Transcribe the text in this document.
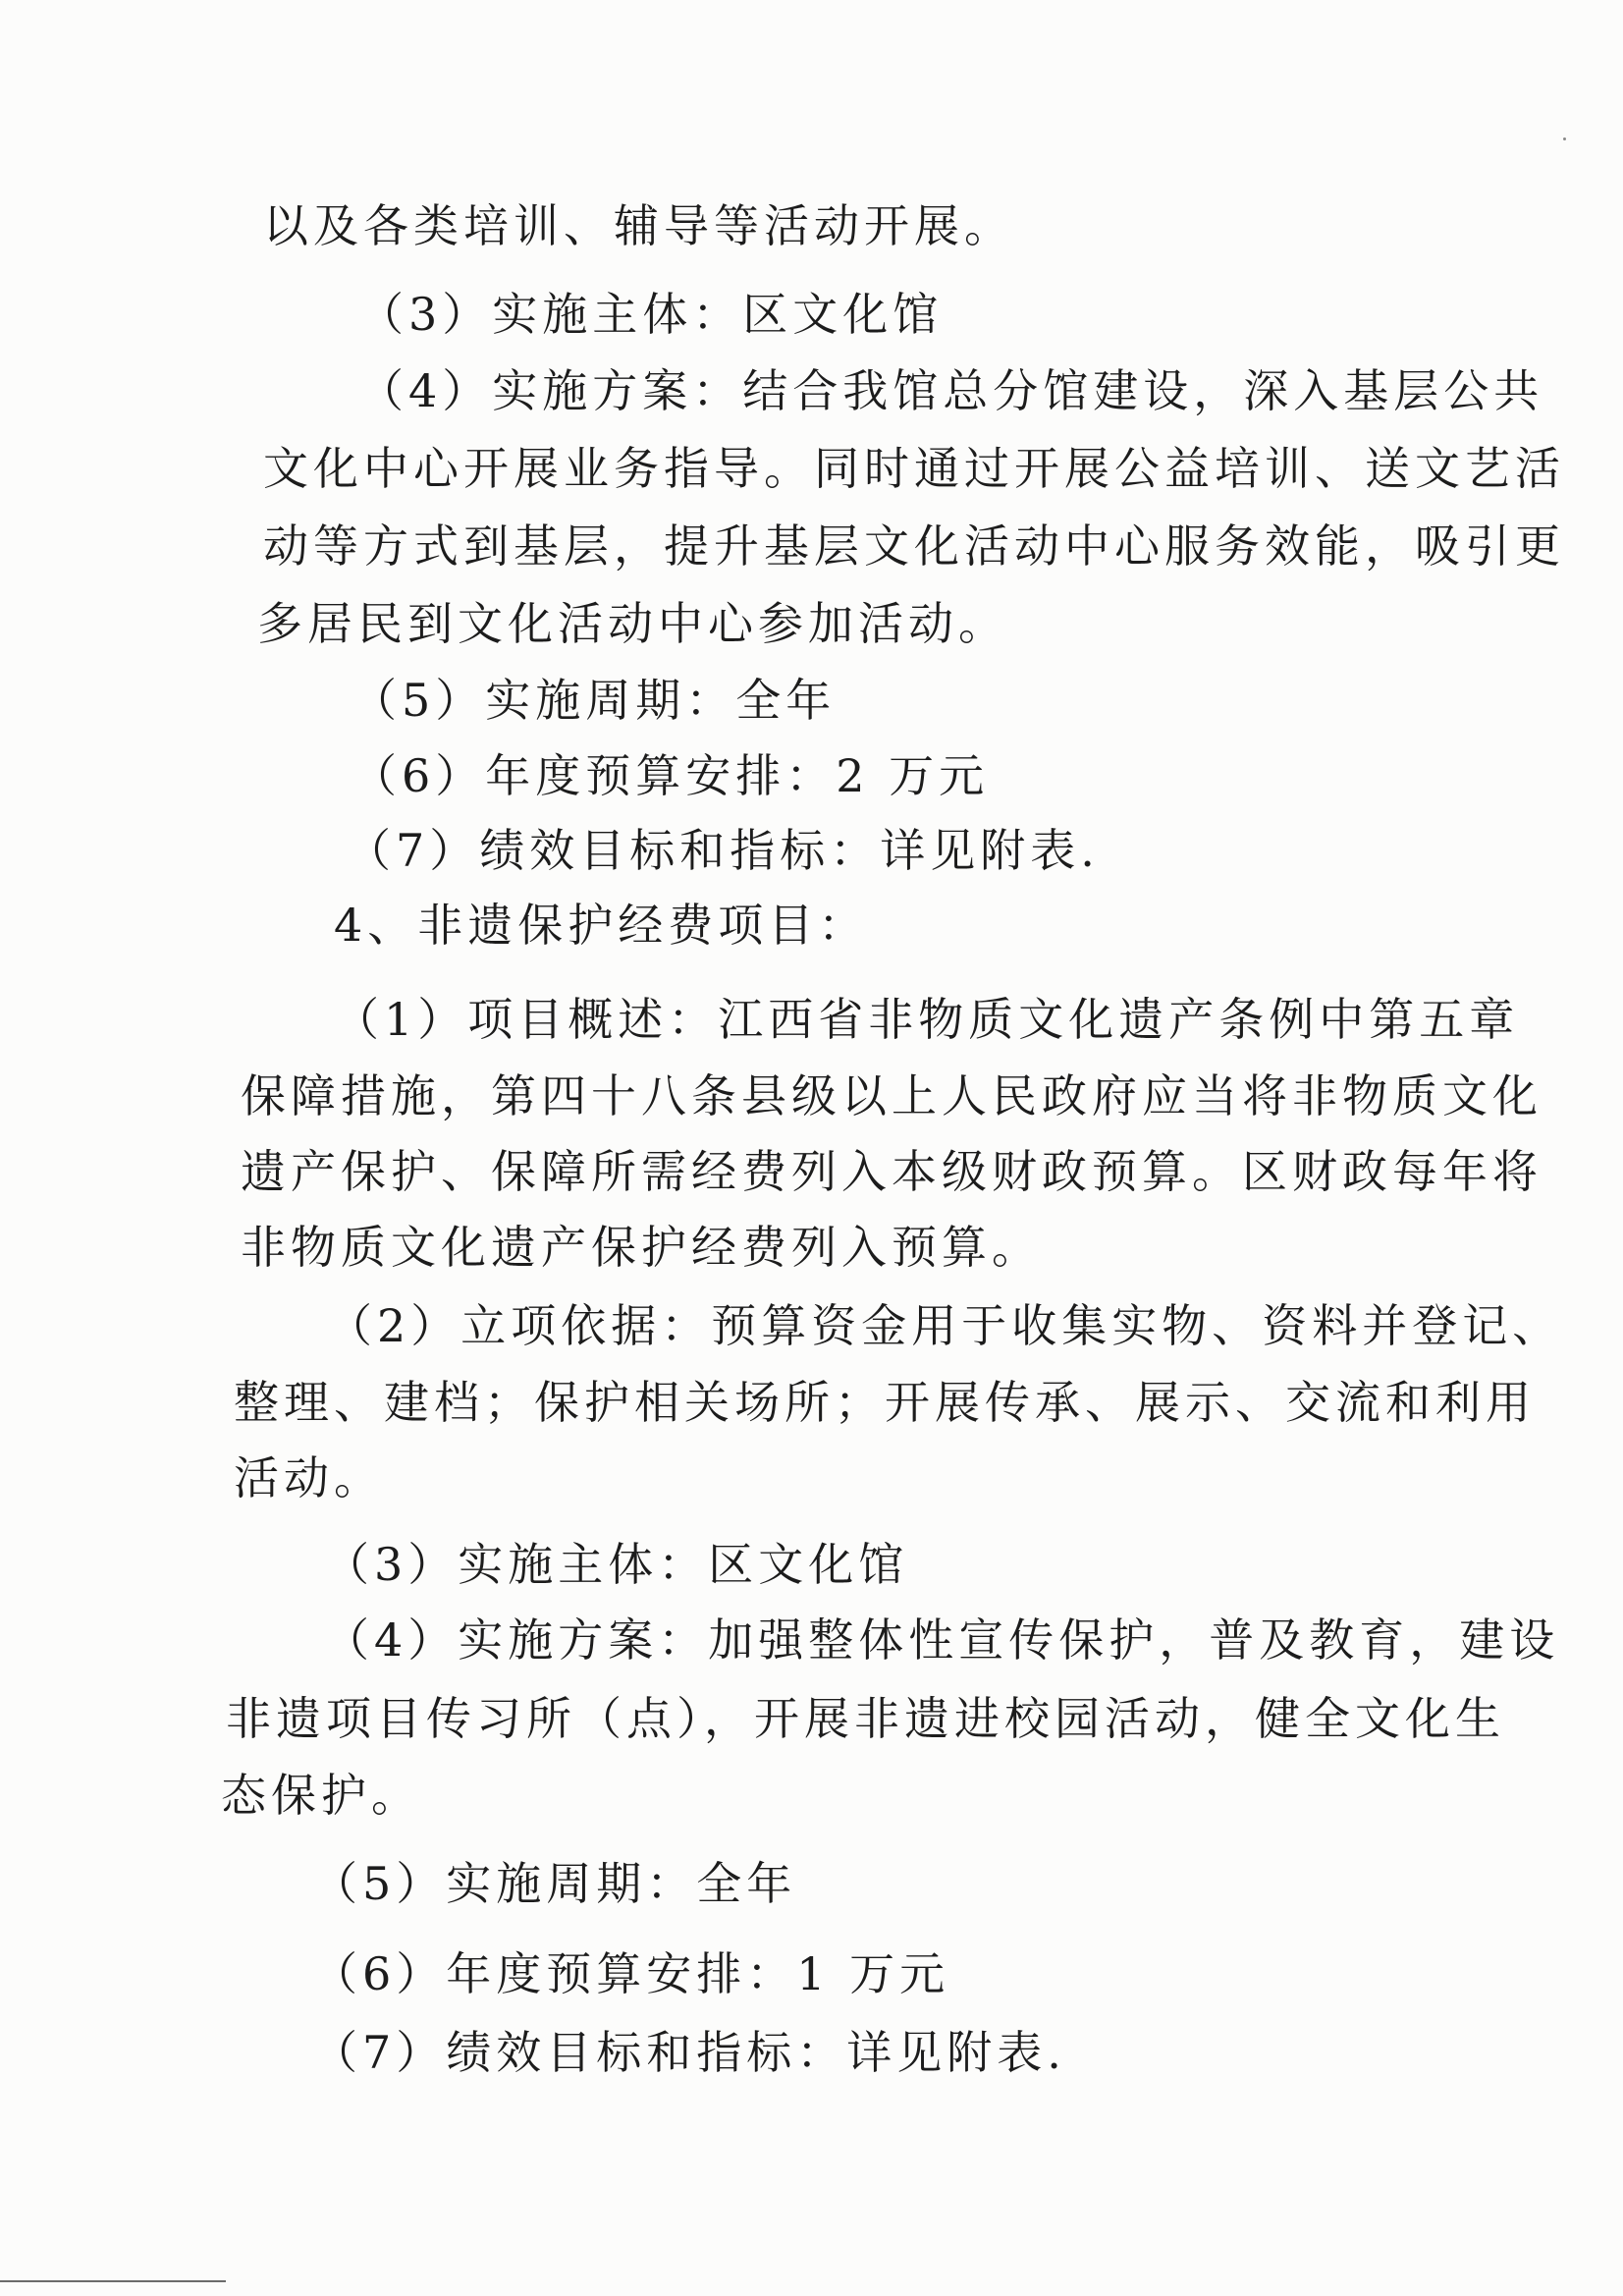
以及各类培训、辅导等活动开展。
（3）实施主体：区文化馆
（4）实施方案：结合我馆总分馆建设，深入基层公共
文化中心开展业务指导。同时通过开展公益培训、送文艺活
动等方式到基层，提升基层文化活动中心服务效能，吸引更
多居民到文化活动中心参加活动。
（5）实施周期：全年
（6）年度预算安排：2 万元
（7）绩效目标和指标：详见附表.
4、非遗保护经费项目：
（1）项目概述：江西省非物质文化遗产条例中第五章
保障措施，第四十八条县级以上人民政府应当将非物质文化
遗产保护、保障所需经费列入本级财政预算。区财政每年将
非物质文化遗产保护经费列入预算。
（2）立项依据：预算资金用于收集实物、资料并登记、
整理、建档；保护相关场所；开展传承、展示、交流和利用
活动。
（3）实施主体：区文化馆
（4）实施方案：加强整体性宣传保护，普及教育，建设
非遗项目传习所（点），开展非遗进校园活动，健全文化生
态保护。
（5）实施周期：全年
（6）年度预算安排：1 万元
（7）绩效目标和指标：详见附表.
